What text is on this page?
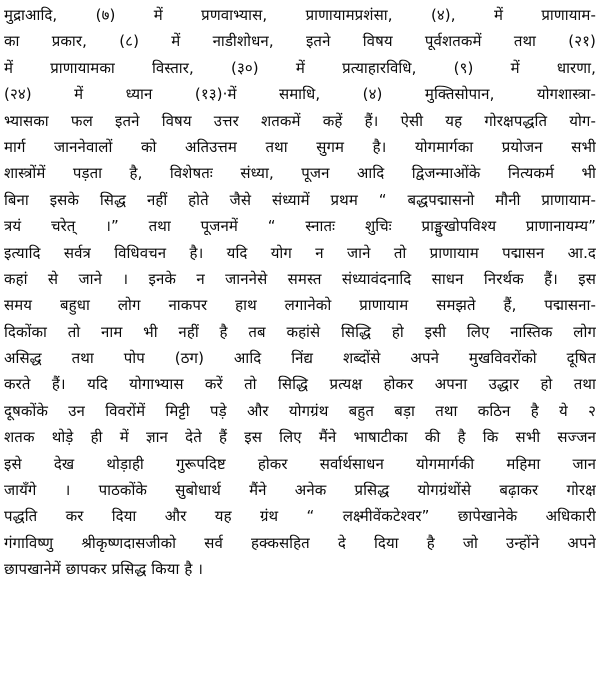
मुद्राआदि, (७) में प्रणवाभ्यास, प्राणायामप्रशंसा, (४), में प्राणायाम-
का प्रकार, (८) में नाडीशोधन, इतने विषय पूर्वशतकमें तथा (२१)
में प्राणायामका विस्तार, (३०) में प्रत्याहारविधि, (९) में धारणा,
(२४) में ध्यान (१३)·में समाधि, (४) मुक्तिसोपान, योगशास्त्रा-
भ्यासका फल इतने विषय उत्तर शतकमें कहें हैं। ऐसी यह गोरक्षपद्धति योग-
मार्ग जाननेवालों को अतिउत्तम तथा सुगम है। योगमार्गका प्रयोजन सभी
शास्त्रोंमें पड़ता है, विशेषतः संध्या, पूजन आदि द्विजन्माओंके नित्यकर्म भी
बिना इसके सिद्ध नहीं होते जैसे संध्यामें प्रथम “ बद्धपद्मासनो मौनी प्राणायाम-
त्रयं चरेत् ।” तथा पूजनमें “ स्नातः शुचिः प्राङ्मुखोपविश्य प्राणानायम्य”
इत्यादि सर्वत्र विधिवचन है। यदि योग न जाने तो प्राणायाम पद्मासन आ.द
कहां से जाने । इनके न जाननेसे समस्त संध्यावंदनादि साधन निरर्थक हैं। इस
समय बहुधा लोग नाकपर हाथ लगानेको प्राणायाम समझते हैं, पद्मासना-
दिकोंका तो नाम भी नहीं है तब कहांसे सिद्धि हो इसी लिए नास्तिक लोग
असिद्ध तथा पोप (ठग) आदि निंद्य शब्दोंसे अपने मुखविवरोंको दूषित
करते हैं। यदि योगाभ्यास करें तो सिद्धि प्रत्यक्ष होकर अपना उद्धार हो तथा
दूषकोंके उन विवरोंमें मिट्टी पड़े और योगग्रंथ बहुत बड़ा तथा कठिन है ये २
शतक थोड़े ही में ज्ञान देते हैं इस लिए मैंने भाषाटीका की है कि सभी सज्जन
इसे देख थोड़ाही गुरूपदिष्ट होकर सर्वार्थसाधन योगमार्गकी महिमा जान
जायँगे । पाठकोंके सुबोधार्थ मैंने अनेक प्रसिद्ध योगग्रंथोंसे बढ़ाकर गोरक्ष
पद्धति कर दिया और यह ग्रंथ “ लक्ष्मीवेंकटेश्वर” छापेखानेके अधिकारी
गंगाविष्णु श्रीकृष्णदासजीको सर्व हक्कसहित दे दिया है जो उन्होंने अपने
छापखानेमें छापकर प्रसिद्ध किया है ।
